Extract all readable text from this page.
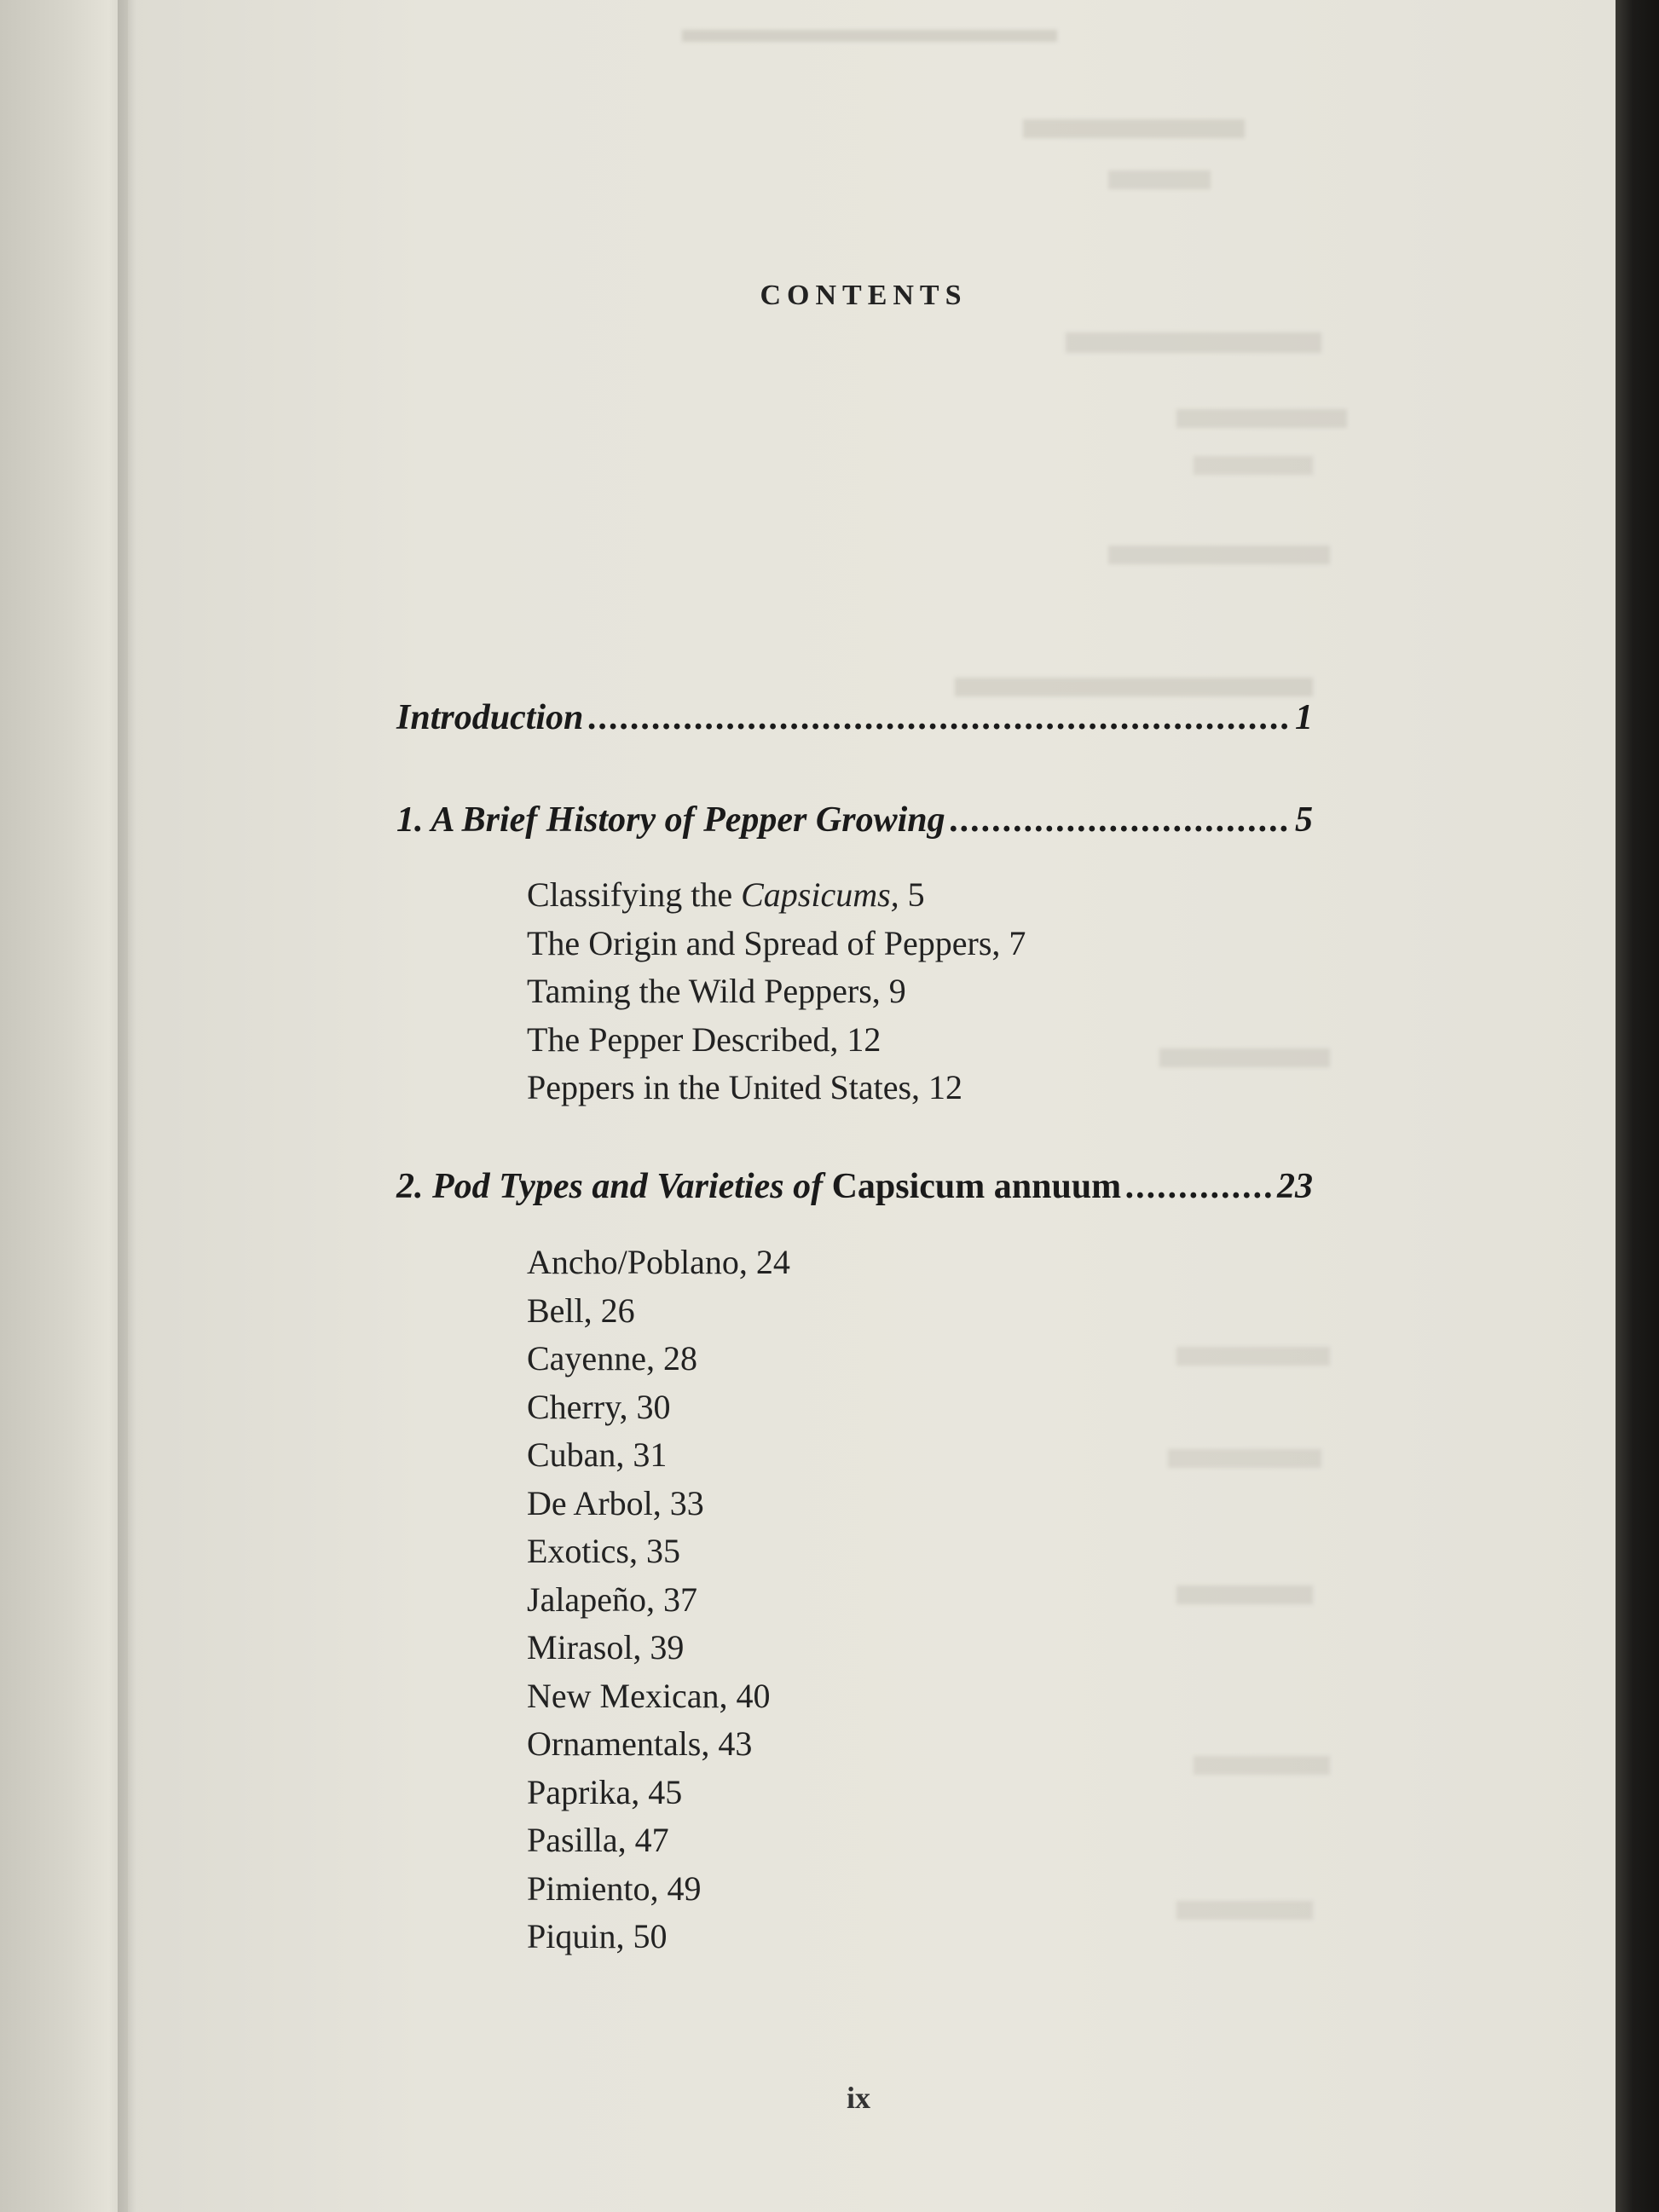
CONTENTS
Introduction .....	1
1. A Brief History of Pepper Growing .....	5
Classifying the Capsicums, 5
The Origin and Spread of Peppers, 7
Taming the Wild Peppers, 9
The Pepper Described, 12
Peppers in the United States, 12
2. Pod Types and Varieties of Capsicum annuum .....	23
Ancho/Poblano, 24
Bell, 26
Cayenne, 28
Cherry, 30
Cuban, 31
De Arbol, 33
Exotics, 35
Jalapeño, 37
Mirasol, 39
New Mexican, 40
Ornamentals, 43
Paprika, 45
Pasilla, 47
Pimiento, 49
Piquin, 50
ix
